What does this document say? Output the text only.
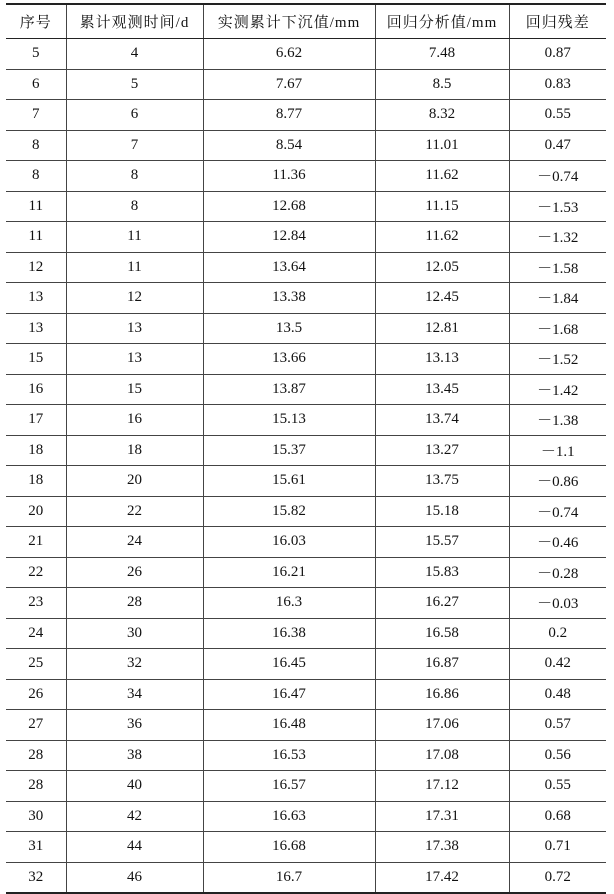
序号	累计观测时间/d	实测累计下沉值/mm	回归分析值/mm	回归残差
5	4	6.62	7.48	0.87
6	5	7.67	8.5	0.83
7	6	8.77	8.32	0.55
8	7	8.54	11.01	0.47
8	8	11.36	11.62	－0.74
11	8	12.68	11.15	－1.53
11	11	12.84	11.62	－1.32
12	11	13.64	12.05	－1.58
13	12	13.38	12.45	－1.84
13	13	13.5	12.81	－1.68
15	13	13.66	13.13	－1.52
16	15	13.87	13.45	－1.42
17	16	15.13	13.74	－1.38
18	18	15.37	13.27	－1.1
18	20	15.61	13.75	－0.86
20	22	15.82	15.18	－0.74
21	24	16.03	15.57	－0.46
22	26	16.21	15.83	－0.28
23	28	16.3	16.27	－0.03
24	30	16.38	16.58	0.2
25	32	16.45	16.87	0.42
26	34	16.47	16.86	0.48
27	36	16.48	17.06	0.57
28	38	16.53	17.08	0.56
28	40	16.57	17.12	0.55
30	42	16.63	17.31	0.68
31	44	16.68	17.38	0.71
32	46	16.7	17.42	0.72
